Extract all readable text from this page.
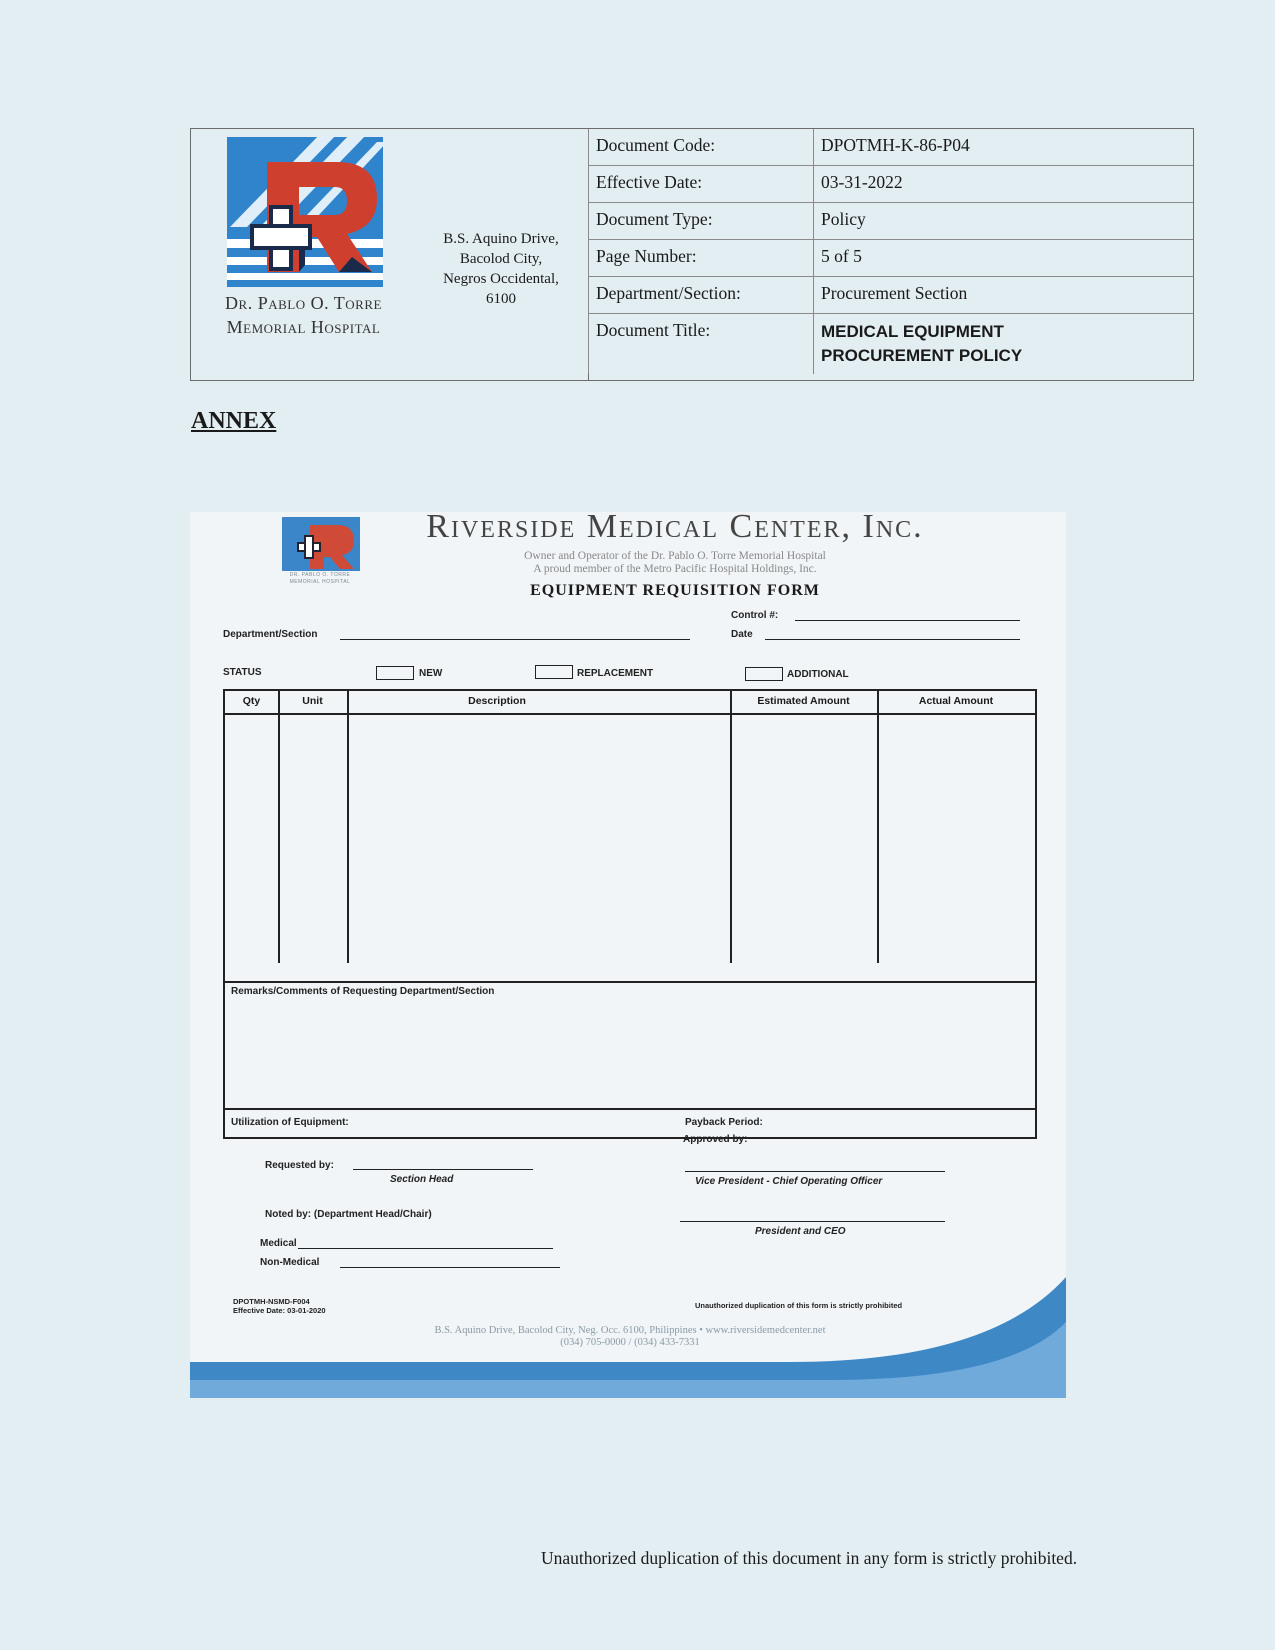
Dr. Pablo O. Torre
Memorial Hospital
B.S. Aquino Drive,
Bacolod City,
Negros Occidental,
6100
Document Code:	DPOTMH-K-86-P04
Effective Date:	03-31-2022
Document Type:	Policy
Page Number:	5 of 5
Department/Section:	Procurement Section
Document Title:	MEDICAL EQUIPMENT
PROCUREMENT POLICY
ANNEX
DR. PABLO O. TORRE
MEMORIAL HOSPITAL
Riverside Medical Center, Inc.
Owner and Operator of the Dr. Pablo O. Torre Memorial Hospital
A proud member of the Metro Pacific Hospital Holdings, Inc.
EQUIPMENT REQUISITION FORM
Control #:
Department/Section	Date
STATUS	NEW	REPLACEMENT	ADDITIONAL
Qty	Unit	Description	Estimated Amount	Actual Amount
Remarks/Comments of Requesting Department/Section
Utilization of Equipment:	Payback Period:
Approved by:
Requested by:
Section Head	Vice President - Chief Operating Officer
Noted by: (Department Head/Chair)
President and CEO
Medical
Non-Medical
DPOTMH-NSMD-F004
Effective Date: 03-01-2020
Unauthorized duplication of this form is strictly prohibited
B.S. Aquino Drive, Bacolod City, Neg. Occ. 6100, Philippines • www.riversidemedcenter.net
(034) 705-0000 / (034) 433-7331
Unauthorized duplication of this document in any form is strictly prohibited.
